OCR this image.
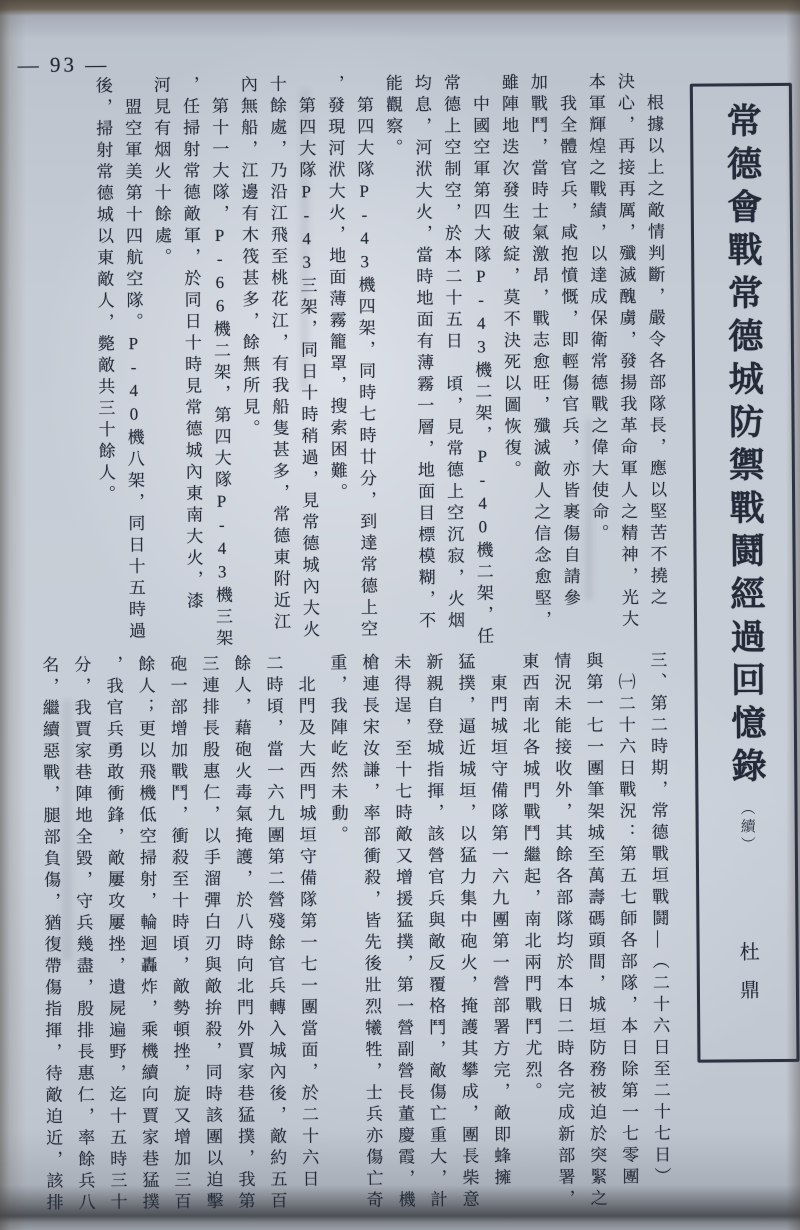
— 93 —
常德會戰常德城防禦戰鬪經過回憶錄（續）
杜鼎
　根據以上之敵情判斷，嚴令各部隊長，應以堅苦不撓之
決心，再接再厲，殲滅醜虜，發揚我革命軍人之精神，光大
本軍輝煌之戰績，以達成保衛常德戰之偉大使命。
　我全體官兵，咸抱憤慨，即輕傷官兵，亦皆裹傷自請參
加戰鬥，當時士氣激昂，戰志愈旺，殲滅敵人之信念愈堅，
雖陣地迭次發生破綻，莫不決死以圖恢復。
　中國空軍第四大隊P-43機二架，P-40機二架，任
常德上空制空，於本二十五日　頃，見常德上空沉寂，火烟
均息，河洑大火，當時地面有薄霧一層，地面目標模糊，不
能觀察。
　第四大隊P-43機四架，同時七時廿分，到達常德上空
，發現河洑大火，地面薄霧籠罩，搜索困難。
　第四大隊P-43三架，同日十時稍過，見常德城內大火
十餘處，乃沿江飛至桃花江，有我船隻甚多，常德東附近江
內無船，江邊有木筏甚多，餘無所見。
　第十一大隊，P-66機二架，第四大隊P-43機三架
，任掃射常德敵軍，於同日十時見常德城內東南大火，漆
河見有烟火十餘處。
　盟空軍美第十四航空隊。P-40機八架，同日十五時過
後，掃射常德城以東敵人，斃敵共三十餘人。
三、第二時期，常德戰垣戰鬪—（二十六日至二十七日）
　㈠二十六日戰況：第五七師各部隊，本日除第一七零團
與第一七一團筆架城至萬壽碼頭間，城垣防務被迫於突緊之
情況未能接收外，其餘各部隊均於本日二時各完成新部署，
東西南北各城門戰鬥繼起，南北兩門戰鬥尤烈。
　東門城垣守備隊第一六九團第一營部署方完，敵即蜂擁
猛撲，逼近城垣，以猛力集中砲火，掩護其攀成，團長柴意
新親自登城指揮，該營官兵與敵反覆格鬥，敵傷亡重大，計
未得逞，至十七時敵又增援猛撲，第一營副營長董慶霞，機
槍連長宋汝謙，率部衝殺，皆先後壯烈犧牲，士兵亦傷亡奇
重，我陣屹然未動。
　北門及大西門城垣守備隊第一七一團當面，於二十六日
二時頃，當一六九團第二營殘餘官兵轉入城內後，敵約五百
餘人，藉砲火毒氣掩護，於八時向北門外賈家巷猛撲，我第
三連排長殷惠仁，以手溜彈白刃與敵拚殺，同時該團以迫擊
砲一部增加戰鬥，衝殺至十時頃，敵勢頓挫，旋又增加三百
餘人；更以飛機低空掃射，輪迴轟炸，乘機續向賈家巷猛撲
，我官兵勇敢衝鋒，敵屢攻屢挫，遺屍遍野，迄十五時三十
分，我賈家巷陣地全毀，守兵幾盡，殷排長惠仁，率餘兵八
名，繼續惡戰，腿部負傷，猶復帶傷指揮，待敵迫近，該排
